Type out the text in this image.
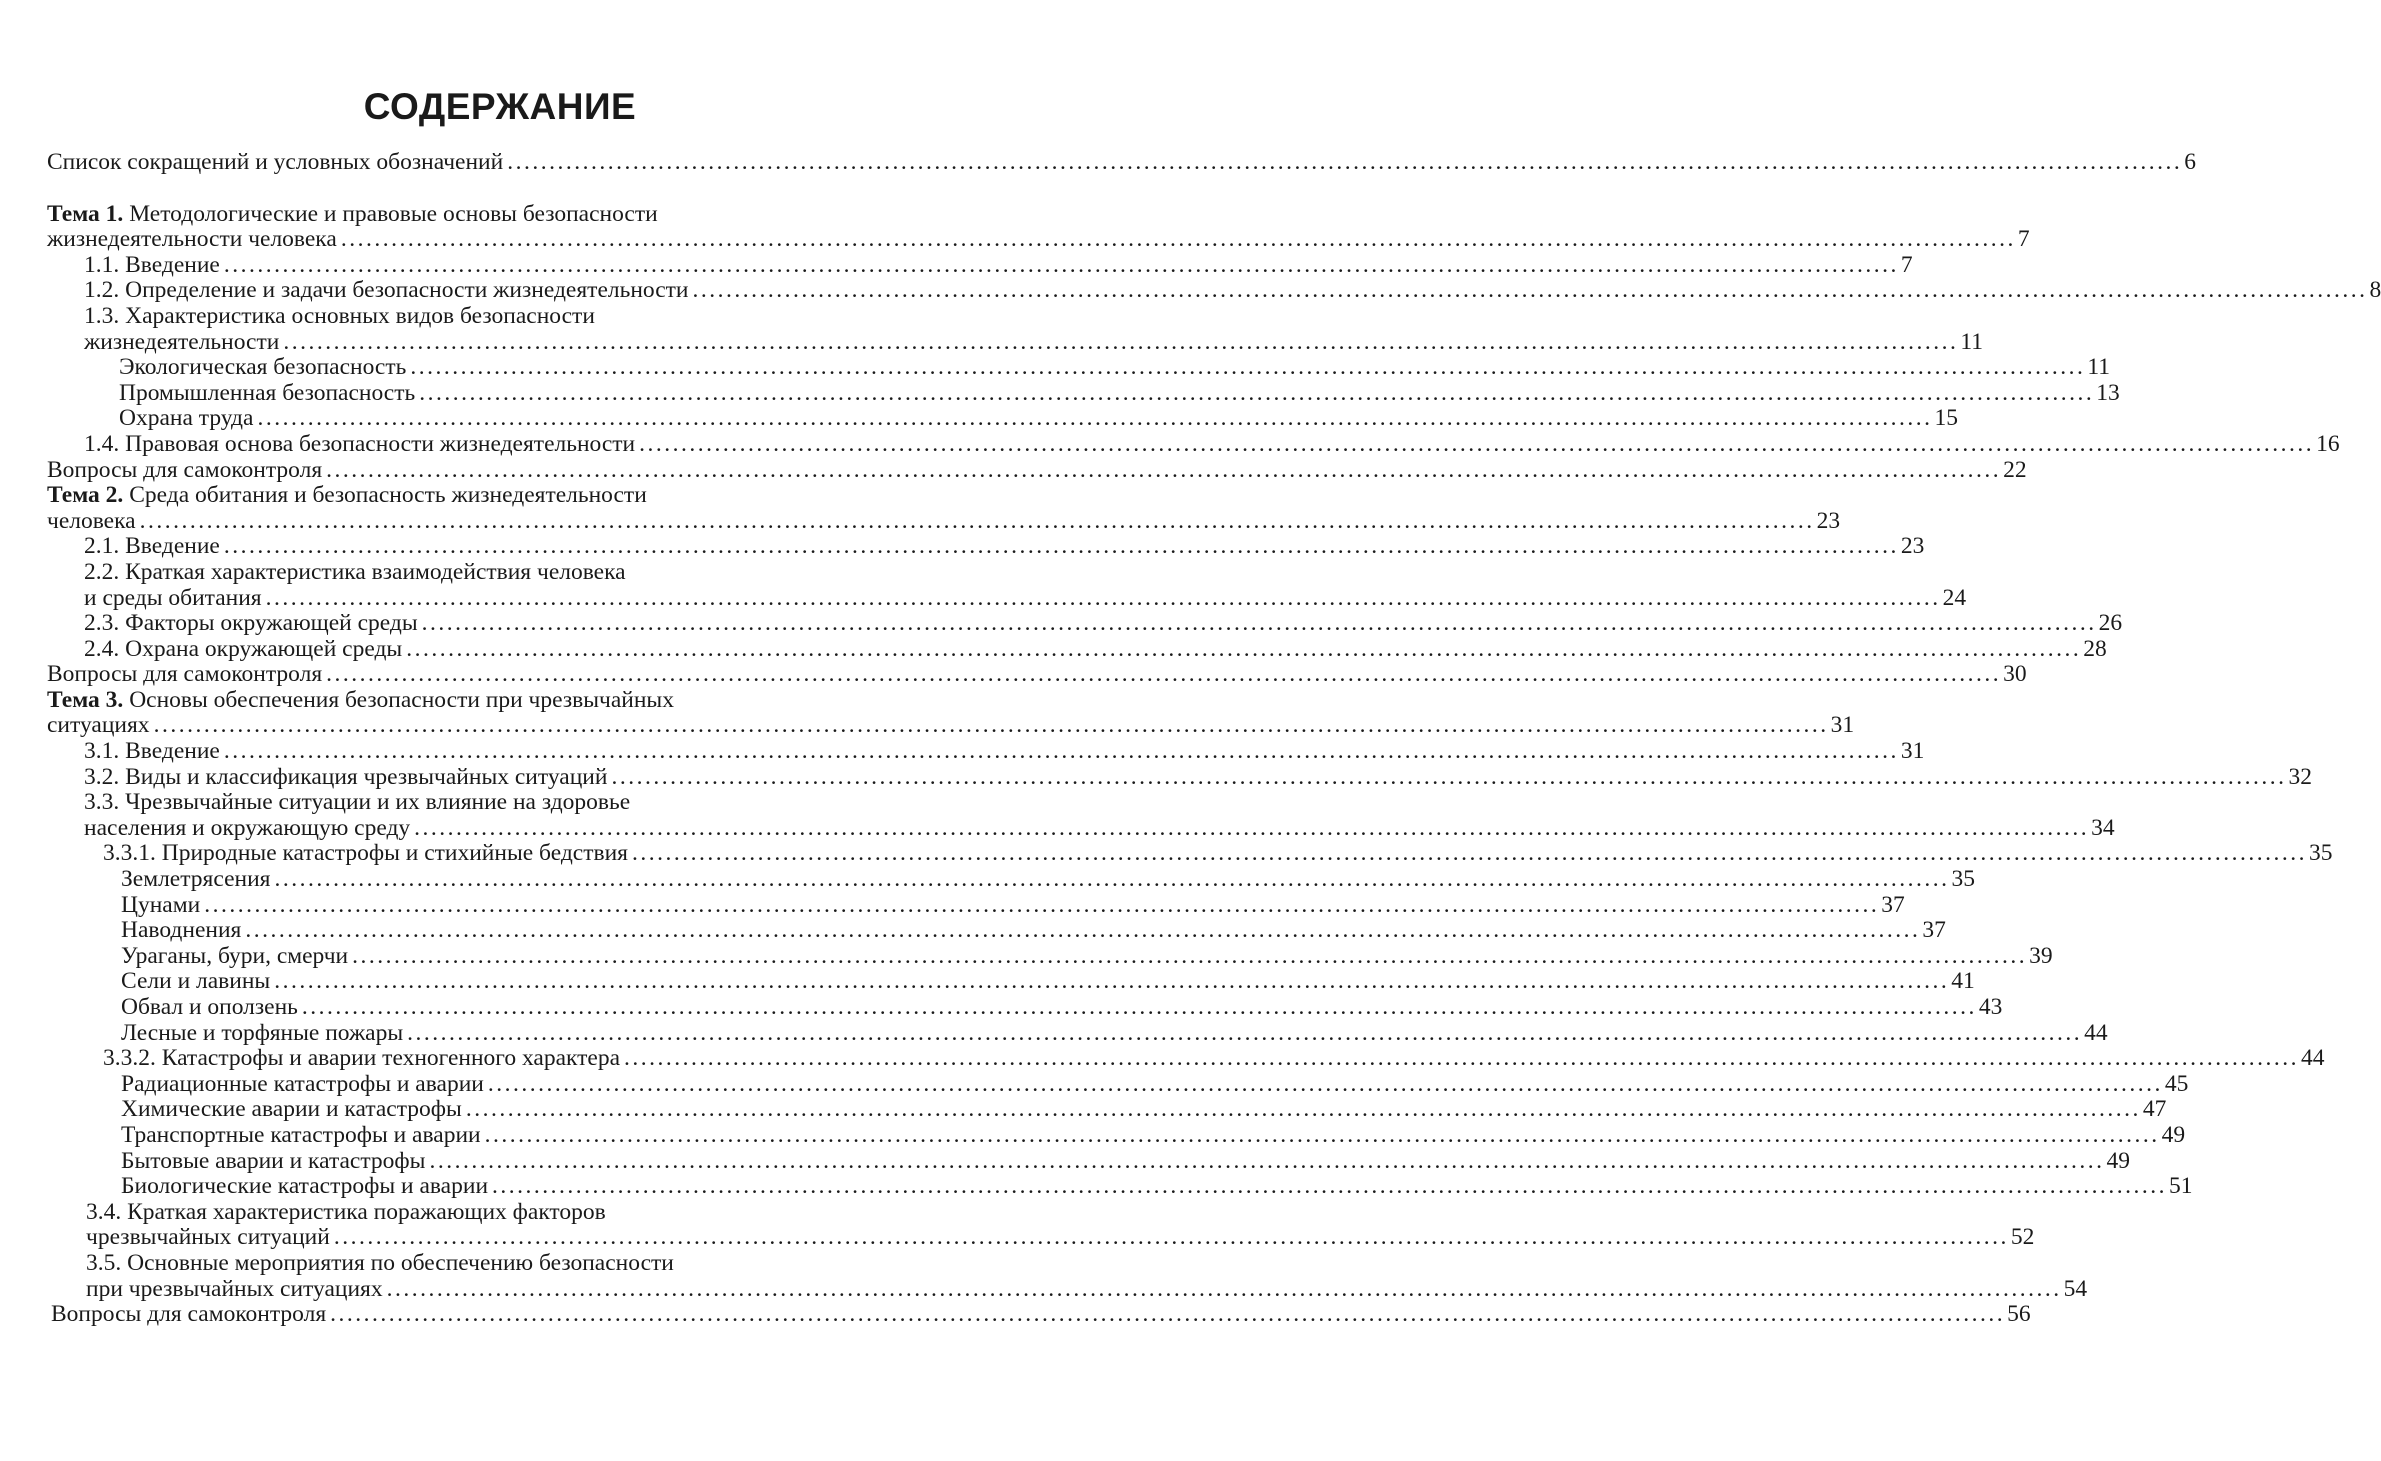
СОДЕРЖАНИЕ
Список сокращений и условных обозначений ........................................................................................................................................................................................................ 6
Тема 1. Методологические и правовые основы безопасности
жизнедеятельности человека ........................................................................................................................................................................................................ 7
1.1. Введение ........................................................................................................................................................................................................ 7
1.2. Определение и задачи безопасности жизнедеятельности ........................................................................................................................................................................................................ 8
1.3. Характеристика основных видов безопасности
жизнедеятельности ........................................................................................................................................................................................................ 11
Экологическая безопасность ........................................................................................................................................................................................................ 11
Промышленная безопасность ........................................................................................................................................................................................................ 13
Охрана труда ........................................................................................................................................................................................................ 15
1.4. Правовая основа безопасности жизнедеятельности ........................................................................................................................................................................................................ 16
Вопросы для самоконтроля ........................................................................................................................................................................................................ 22
Тема 2. Среда обитания и безопасность жизнедеятельности
человека ........................................................................................................................................................................................................ 23
2.1. Введение ........................................................................................................................................................................................................ 23
2.2. Краткая характеристика взаимодействия человека
и среды обитания ........................................................................................................................................................................................................ 24
2.3. Факторы окружающей среды ........................................................................................................................................................................................................ 26
2.4. Охрана окружающей среды ........................................................................................................................................................................................................ 28
Вопросы для самоконтроля ........................................................................................................................................................................................................ 30
Тема 3. Основы обеспечения безопасности при чрезвычайных
ситуациях ........................................................................................................................................................................................................ 31
3.1. Введение ........................................................................................................................................................................................................ 31
3.2. Виды и классификация чрезвычайных ситуаций ........................................................................................................................................................................................................ 32
3.3. Чрезвычайные ситуации и их влияние на здоровье
населения и окружающую среду ........................................................................................................................................................................................................ 34
3.3.1. Природные катастрофы и стихийные бедствия ........................................................................................................................................................................................................ 35
Землетрясения ........................................................................................................................................................................................................ 35
Цунами ........................................................................................................................................................................................................ 37
Наводнения ........................................................................................................................................................................................................ 37
Ураганы, бури, смерчи ........................................................................................................................................................................................................ 39
Сели и лавины ........................................................................................................................................................................................................ 41
Обвал и оползень ........................................................................................................................................................................................................ 43
Лесные и торфяные пожары ........................................................................................................................................................................................................ 44
3.3.2. Катастрофы и аварии техногенного характера ........................................................................................................................................................................................................ 44
Радиационные катастрофы и аварии ........................................................................................................................................................................................................ 45
Химические аварии и катастрофы ........................................................................................................................................................................................................ 47
Транспортные катастрофы и аварии ........................................................................................................................................................................................................ 49
Бытовые аварии и катастрофы ........................................................................................................................................................................................................ 49
Биологические катастрофы и аварии ........................................................................................................................................................................................................ 51
3.4. Краткая характеристика поражающих факторов
чрезвычайных ситуаций ........................................................................................................................................................................................................ 52
3.5. Основные мероприятия по обеспечению безопасности
при чрезвычайных ситуациях ........................................................................................................................................................................................................ 54
Вопросы для самоконтроля ........................................................................................................................................................................................................ 56
